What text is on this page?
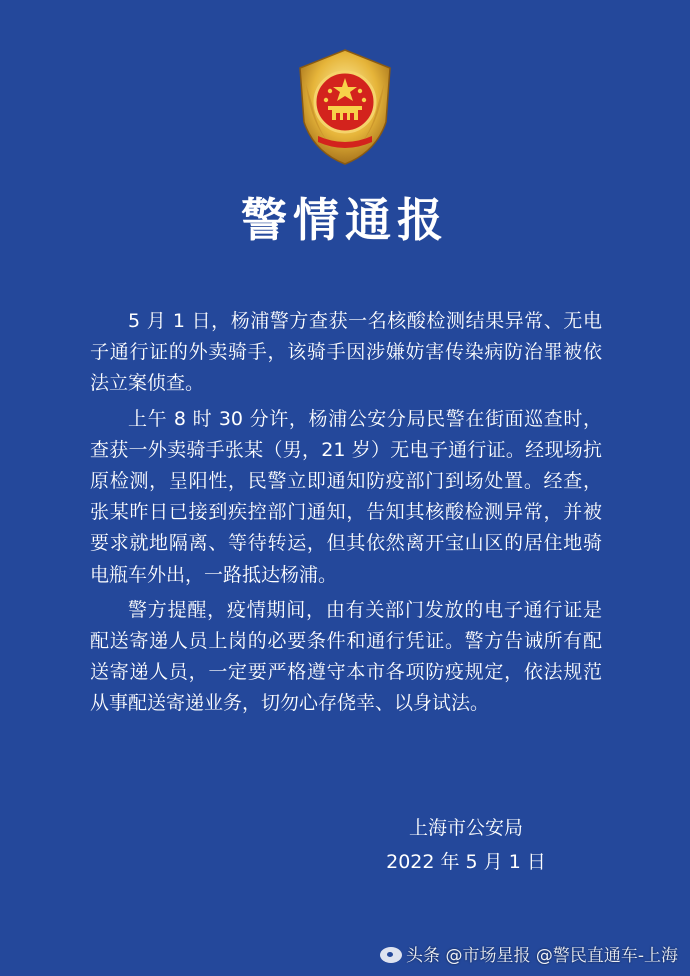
警情通报

5 月 1 日，杨浦警方查获一名核酸检测结果异常、无电子通行证的外卖骑手，该骑手因涉嫌妨害传染病防治罪被依法立案侦查。

上午 8 时 30 分许，杨浦公安分局民警在街面巡查时，查获一外卖骑手张某（男，21 岁）无电子通行证。经现场抗原检测，呈阳性，民警立即通知防疫部门到场处置。经查，张某昨日已接到疾控部门通知，告知其核酸检测异常，并被要求就地隔离、等待转运，但其依然离开宝山区的居住地骑电瓶车外出，一路抵达杨浦。

警方提醒，疫情期间，由有关部门发放的电子通行证是配送寄递人员上岗的必要条件和通行凭证。警方告诫所有配送寄递人员，一定要严格遵守本市各项防疫规定，依法规范从事配送寄递业务，切勿心存侥幸、以身试法。

上海市公安局
2022 年 5 月 1 日
头条 @市场星报 @警民直通车-上海
